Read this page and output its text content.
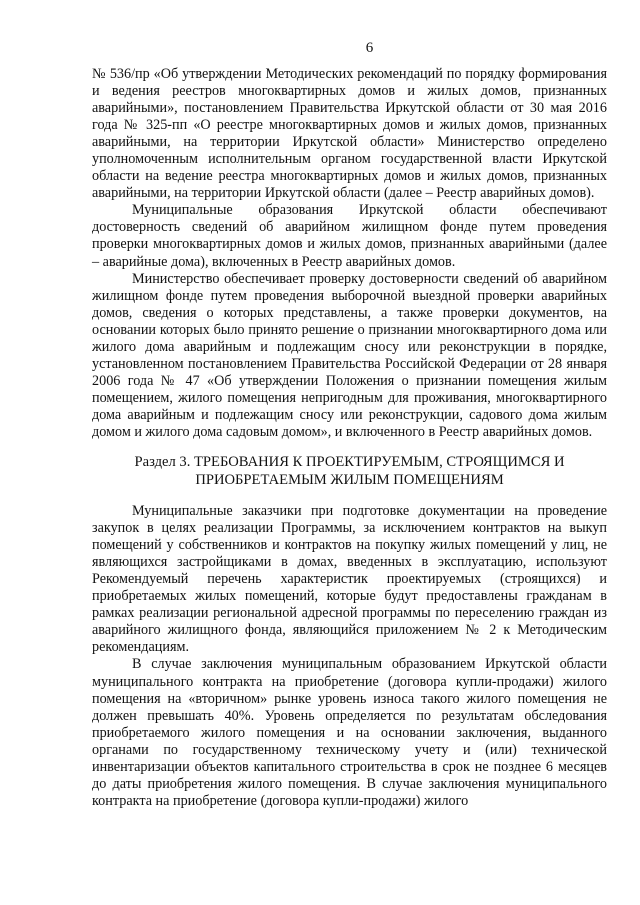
6

№ 536/пр «Об утверждении Методических рекомендаций по порядку формирования и ведения реестров многоквартирных домов и жилых домов, признанных аварийными», постановлением Правительства Иркутской области от 30 мая 2016 года № 325-пп «О реестре многоквартирных домов и жилых домов, признанных аварийными, на территории Иркутской области» Министерство определено уполномоченным исполнительным органом государственной власти Иркутской области на ведение реестра многоквартирных домов и жилых домов, признанных аварийными, на территории Иркутской области (далее – Реестр аварийных домов).

Муниципальные образования Иркутской области обеспечивают достоверность сведений об аварийном жилищном фонде путем проведения проверки многоквартирных домов и жилых домов, признанных аварийными (далее – аварийные дома), включенных в Реестр аварийных домов.

Министерство обеспечивает проверку достоверности сведений об аварийном жилищном фонде путем проведения выборочной выездной проверки аварийных домов, сведения о которых представлены, а также проверки документов, на основании которых было принято решение о признании многоквартирного дома или жилого дома аварийным и подлежащим сносу или реконструкции в порядке, установленном постановлением Правительства Российской Федерации от 28 января 2006 года № 47 «Об утверждении Положения о признании помещения жилым помещением, жилого помещения непригодным для проживания, многоквартирного дома аварийным и подлежащим сносу или реконструкции, садового дома жилым домом и жилого дома садовым домом», и включенного в Реестр аварийных домов.

Раздел 3. ТРЕБОВАНИЯ К ПРОЕКТИРУЕМЫМ, СТРОЯЩИМСЯ И
ПРИОБРЕТАЕМЫМ ЖИЛЫМ ПОМЕЩЕНИЯМ

Муниципальные заказчики при подготовке документации на проведение закупок в целях реализации Программы, за исключением контрактов на выкуп помещений у собственников и контрактов на покупку жилых помещений у лиц, не являющихся застройщиками в домах, введенных в эксплуатацию, используют Рекомендуемый перечень характеристик проектируемых (строящихся) и приобретаемых жилых помещений, которые будут предоставлены гражданам в рамках реализации региональной адресной программы по переселению граждан из аварийного жилищного фонда, являющийся приложением № 2 к Методическим рекомендациям.

В случае заключения муниципальным образованием Иркутской области муниципального контракта на приобретение (договора купли-продажи) жилого помещения на «вторичном» рынке уровень износа такого жилого помещения не должен превышать 40%. Уровень определяется по результатам обследования приобретаемого жилого помещения и на основании заключения, выданного органами по государственному техническому учету и (или) технической инвентаризации объектов капитального строительства в срок не позднее 6 месяцев до даты приобретения жилого помещения. В случае заключения муниципального контракта на приобретение (договора купли-продажи) жилого
